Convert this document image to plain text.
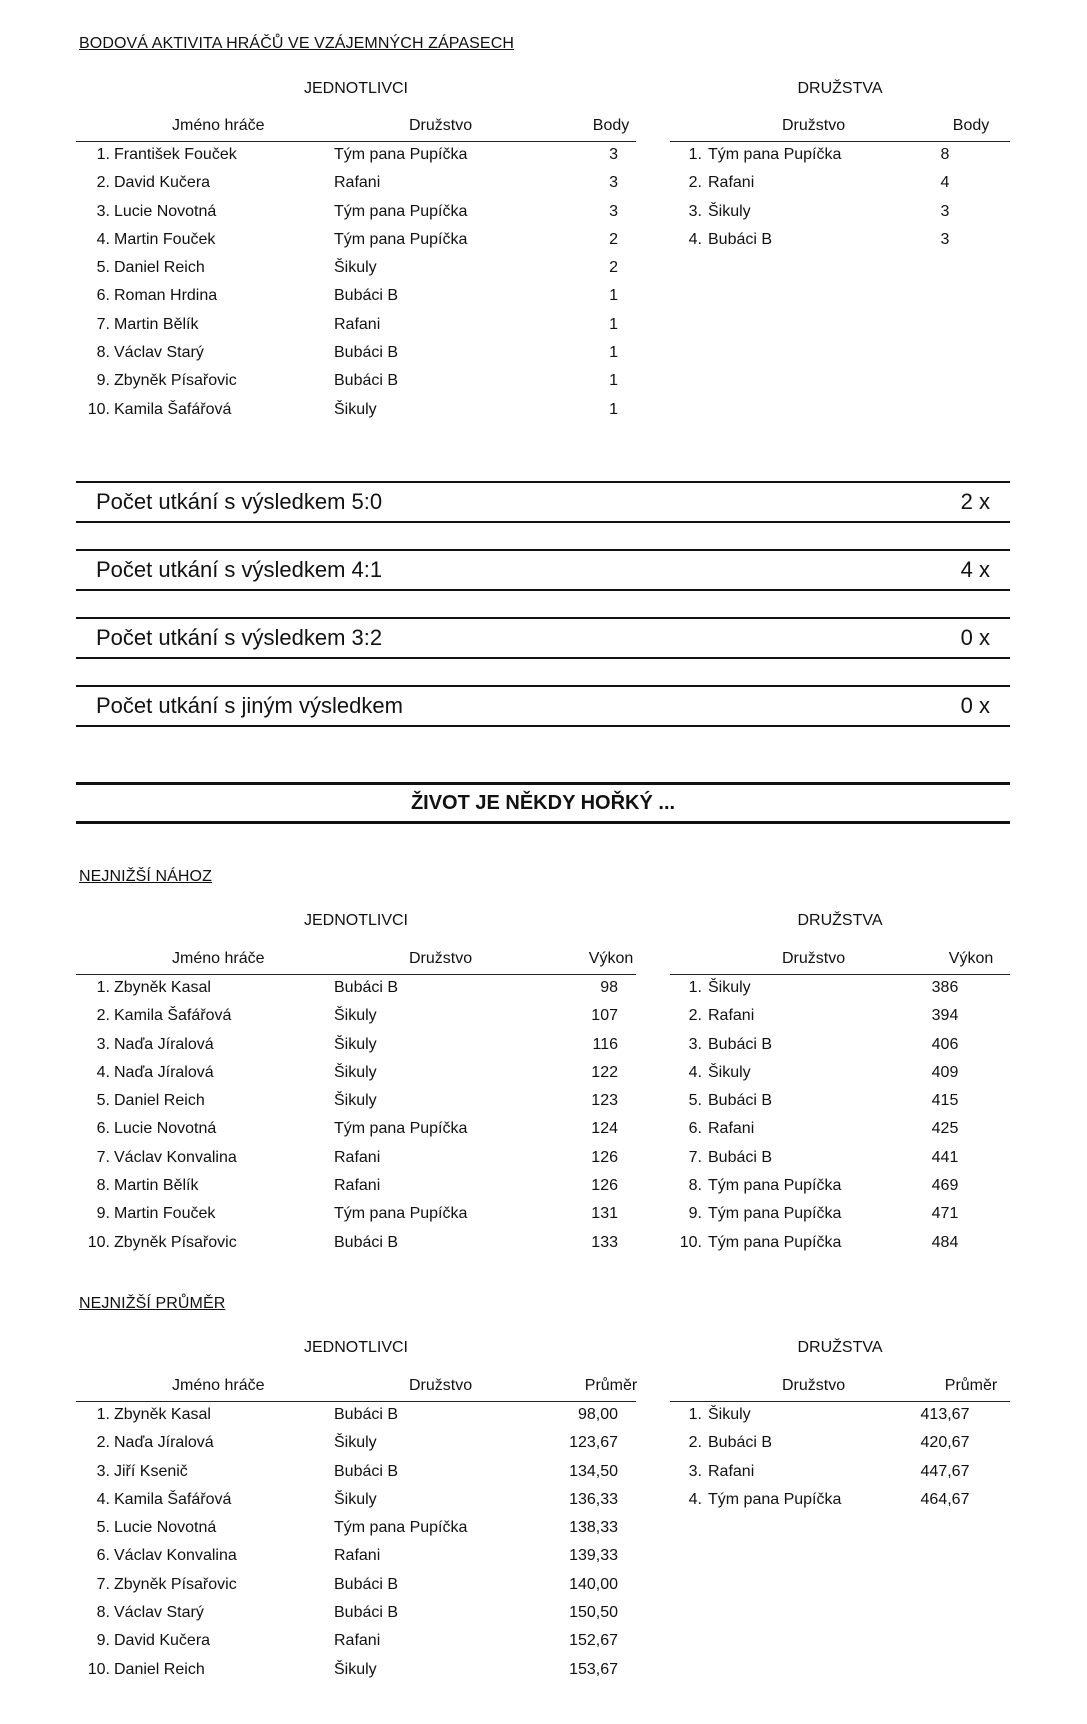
BODOVÁ AKTIVITA HRÁČŮ VE VZÁJEMNÝCH ZÁPASECH
JEDNOTLIVCI	DRUŽSTVA
Jméno hráče	Družstvo	Body
1. František Fouček	Tým pana Pupíčka	3
2. David Kučera	Rafani	3
3. Lucie Novotná	Tým pana Pupíčka	3
4. Martin Fouček	Tým pana Pupíčka	2
5. Daniel Reich	Šikuly	2
6. Roman Hrdina	Bubáci B	1
7. Martin Bělík	Rafani	1
8. Václav Starý	Bubáci B	1
9. Zbyněk Písařovic	Bubáci B	1
10. Kamila Šafářová	Šikuly	1
Družstvo	Body
1. Tým pana Pupíčka	8
2. Rafani	4
3. Šikuly	3
4. Bubáci B	3
Počet utkání s výsledkem 5:0	2 x
Počet utkání s výsledkem 4:1	4 x
Počet utkání s výsledkem 3:2	0 x
Počet utkání s jiným výsledkem	0 x
ŽIVOT JE NĚKDY HOŘKÝ ...
NEJNIŽŠÍ NÁHOZ
JEDNOTLIVCI	DRUŽSTVA
Jméno hráče	Družstvo	Výkon
1. Zbyněk Kasal	Bubáci B	98
2. Kamila Šafářová	Šikuly	107
3. Naďa Jíralová	Šikuly	116
4. Naďa Jíralová	Šikuly	122
5. Daniel Reich	Šikuly	123
6. Lucie Novotná	Tým pana Pupíčka	124
7. Václav Konvalina	Rafani	126
8. Martin Bělík	Rafani	126
9. Martin Fouček	Tým pana Pupíčka	131
10. Zbyněk Písařovic	Bubáci B	133
Družstvo	Výkon
1. Šikuly	386
2. Rafani	394
3. Bubáci B	406
4. Šikuly	409
5. Bubáci B	415
6. Rafani	425
7. Bubáci B	441
8. Tým pana Pupíčka	469
9. Tým pana Pupíčka	471
10. Tým pana Pupíčka	484
NEJNIŽŠÍ PRŮMĚR
JEDNOTLIVCI	DRUŽSTVA
Jméno hráče	Družstvo	Průměr
1. Zbyněk Kasal	Bubáci B	98,00
2. Naďa Jíralová	Šikuly	123,67
3. Jiří Ksenič	Bubáci B	134,50
4. Kamila Šafářová	Šikuly	136,33
5. Lucie Novotná	Tým pana Pupíčka	138,33
6. Václav Konvalina	Rafani	139,33
7. Zbyněk Písařovic	Bubáci B	140,00
8. Václav Starý	Bubáci B	150,50
9. David Kučera	Rafani	152,67
10. Daniel Reich	Šikuly	153,67
Družstvo	Průměr
1. Šikuly	413,67
2. Bubáci B	420,67
3. Rafani	447,67
4. Tým pana Pupíčka	464,67
